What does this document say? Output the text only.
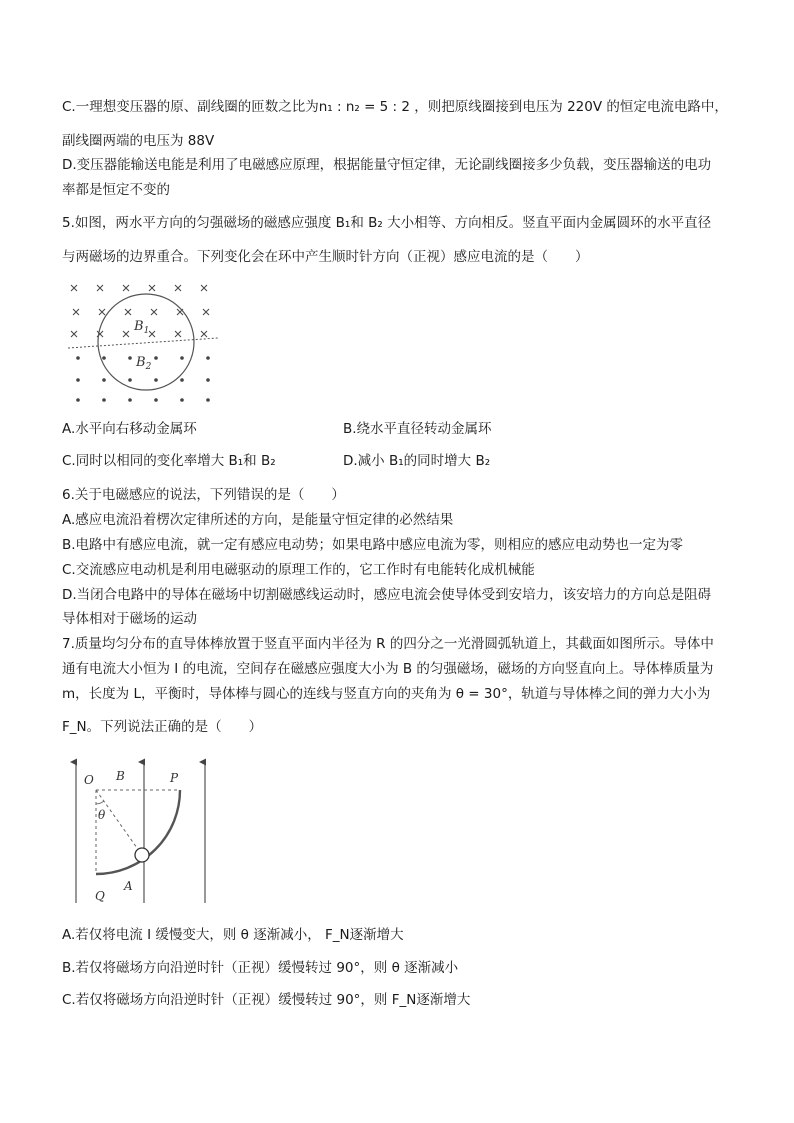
C.一理想变压器的原、副线圈的匝数之比为n₁ : n₂ = 5 : 2 ，则把原线圈接到电压为 220V 的恒定电流电路中，
副线圈两端的电压为 88V
D.变压器能输送电能是利用了电磁感应原理，根据能量守恒定律，无论副线圈接多少负载，变压器输送的电功
率都是恒定不变的
5.如图，两水平方向的匀强磁场的磁感应强度 B₁和 B₂ 大小相等、方向相反。竖直平面内金属圆环的水平直径
与两磁场的边界重合。下列变化会在环中产生顺时针方向（正视）感应电流的是（　　）
$B_1$
$B_2$
A.水平向右移动金属环	B.绕水平直径转动金属环
C.同时以相同的变化率增大 B₁和 B₂	D.减小 B₁的同时增大 B₂
6.关于电磁感应的说法，下列错误的是（　　）
A.感应电流沿着楞次定律所述的方向，是能量守恒定律的必然结果
B.电路中有感应电流，就一定有感应电动势；如果电路中感应电流为零，则相应的感应电动势也一定为零
C.交流感应电动机是利用电磁驱动的原理工作的，它工作时有电能转化成机械能
D.当闭合电路中的导体在磁场中切割磁感线运动时，感应电流会使导体受到安培力，该安培力的方向总是阻碍
导体相对于磁场的运动
7.质量均匀分布的直导体棒放置于竖直平面内半径为 R 的四分之一光滑圆弧轨道上，其截面如图所示。导体中
通有电流大小恒为 I 的电流，空间存在磁感应强度大小为 B 的匀强磁场，磁场的方向竖直向上。导体棒质量为
m，长度为 L，平衡时，导体棒与圆心的连线与竖直方向的夹角为 θ = 30°，轨道与导体棒之间的弹力大小为
F_N。下列说法正确的是（　　）
O B	P
θ
Q
A
A.若仅将电流 I 缓慢变大，则 θ 逐渐减小， F_N逐渐增大
B.若仅将磁场方向沿逆时针（正视）缓慢转过 90°，则 θ 逐渐减小
C.若仅将磁场方向沿逆时针（正视）缓慢转过 90°，则 F_N逐渐增大
